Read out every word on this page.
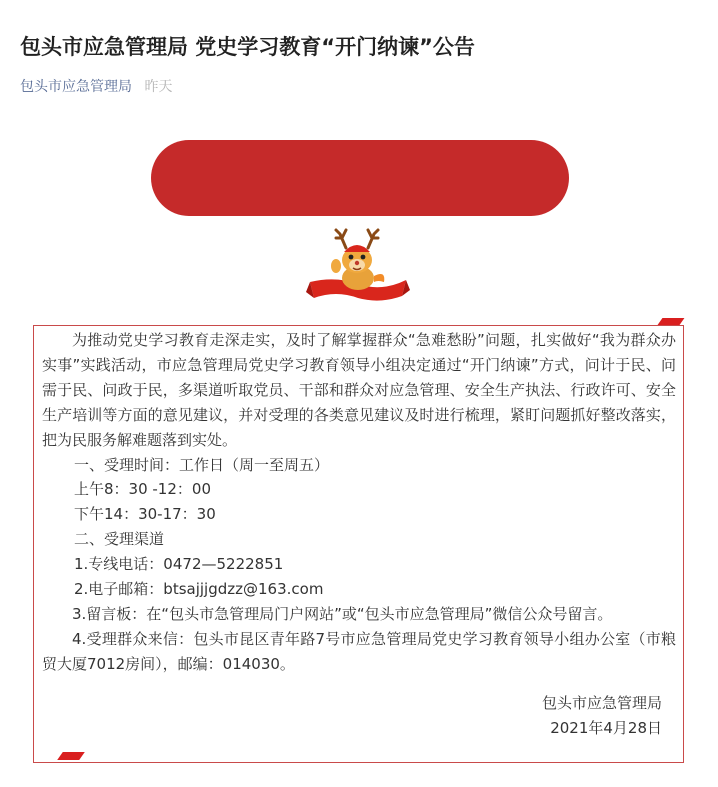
包头市应急管理局 党史学习教育“开门纳谏”公告
包头市应急管理局 昨天

为推动党史学习教育走深走实，及时了解掌握群众“急难愁盼”问题，扎实做好“我为群众办实事”实践活动，市应急管理局党史学习教育领导小组决定通过“开门纳谏”方式，问计于民、问需于民、问政于民，多渠道听取党员、干部和群众对应急管理、安全生产执法、行政许可、安全生产培训等方面的意见建议，并对受理的各类意见建议及时进行梳理，紧盯问题抓好整改落实，把为民服务解难题落到实处。

一、受理时间：工作日（周一至周五）

上午8：30 -12：00

下午14：30-17：30

二、受理渠道

1.专线电话：0472—5222851

2.电子邮箱：btsajjjgdzz@163.com

3.留言板：在“包头市急管理局门户网站”或“包头市应急管理局”微信公众号留言。

4.受理群众来信：包头市昆区青年路7号市应急管理局党史学习教育领导小组办公室（市粮贸大厦7012房间），邮编：014030。

包头市应急管理局

2021年4月28日
